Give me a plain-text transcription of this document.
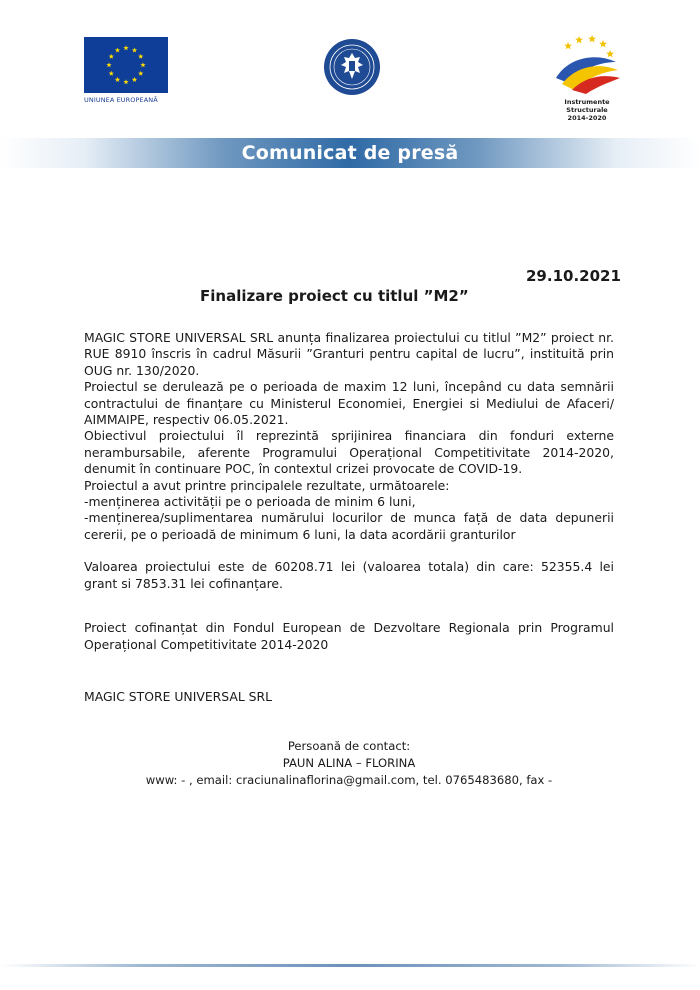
UNIUNEA EUROPEANĂ	Instrumente Structurale
2014-2020
Comunicat de presă
29.10.2021
Finalizare proiect cu titlul ”M2”

MAGIC STORE UNIVERSAL SRL anunța finalizarea proiectului cu titlul ”M2” proiect nr. RUE 8910 înscris în cadrul Măsurii ”Granturi pentru capital de lucru”, instituită prin OUG nr. 130/2020.

Proiectul se derulează pe o perioada de maxim 12 luni, începând cu data semnării contractului de finanțare cu Ministerul Economiei, Energiei si Mediului de Afaceri/ AIMMAIPE, respectiv 06.05.2021.

Obiectivul proiectului îl reprezintă sprijinirea financiara din fonduri externe nerambursabile, aferente Programului Operațional Competitivitate 2014-2020, denumit în continuare POC, în contextul crizei provocate de COVID-19.

Proiectul a avut printre principalele rezultate, următoarele:

-menținerea activității pe o perioada de minim 6 luni,

-menținerea/suplimentarea numărului locurilor de munca față de data depunerii cererii, pe o perioadă de minimum 6 luni, la data acordării granturilor

Valoarea proiectului este de 60208.71 lei (valoarea totala) din care: 52355.4 lei grant si 7853.31 lei cofinanțare.

Proiect cofinanțat din Fondul European de Dezvoltare Regionala prin Programul Operațional Competitivitate 2014-2020

MAGIC STORE UNIVERSAL SRL

Persoană de contact:
PAUN ALINA – FLORINA
www: - , email: craciunalinaflorina@gmail.com, tel. 0765483680, fax -
